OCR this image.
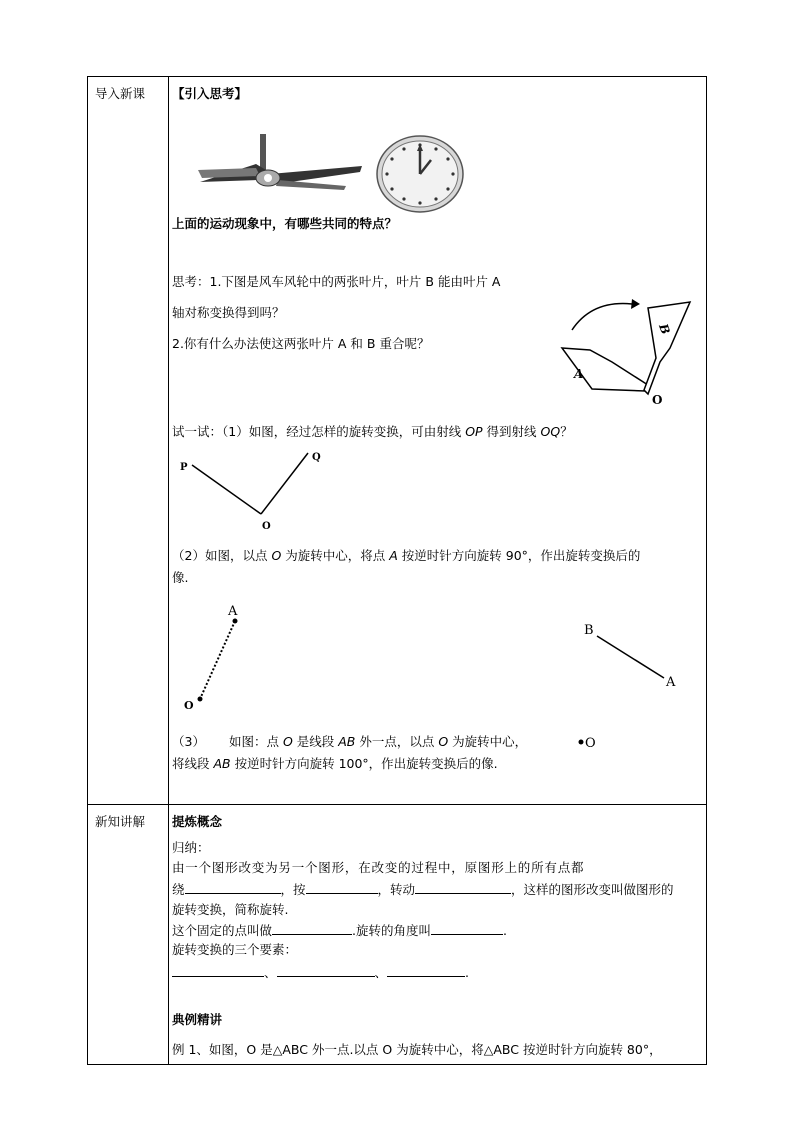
导入新课 【引入思考】
上面的运动现象中，有哪些共同的特点？
思考：1.下图是风车风轮中的两张叶片，叶片 B 能由叶片 A
轴对称变换得到吗？
2.你有什么办法使这两张叶片 A 和 B 重合呢？
A
B
O
试一试：（1）如图，经过怎样的旋转变换，可由射线 OP 得到射线 OQ？
P
Q
O
（2）如图，以点 O 为旋转中心，将点 A 按逆时针方向旋转 90°，作出旋转变换后的
像.
A
O
B
A
（3） 如图：点 O 是线段 AB 外一点，以点 O 为旋转中心，	O
将线段 AB 按逆时针方向旋转 100°，作出旋转变换后的像.
新知讲解 提炼概念
归纳：
由一个图形改变为另一个图形，在改变的过程中，原图形上的所有点都
绕	，按	，转动	，这样的图形改变叫做图形的
旋转变换，简称旋转.
这个固定的点叫做	.旋转的角度叫	.
旋转变换的三个要素：
、	、	.
典例精讲
例 1、如图，O 是△ABC 外一点.以点 O 为旋转中心，将△ABC 按逆时针方向旋转 80°，
